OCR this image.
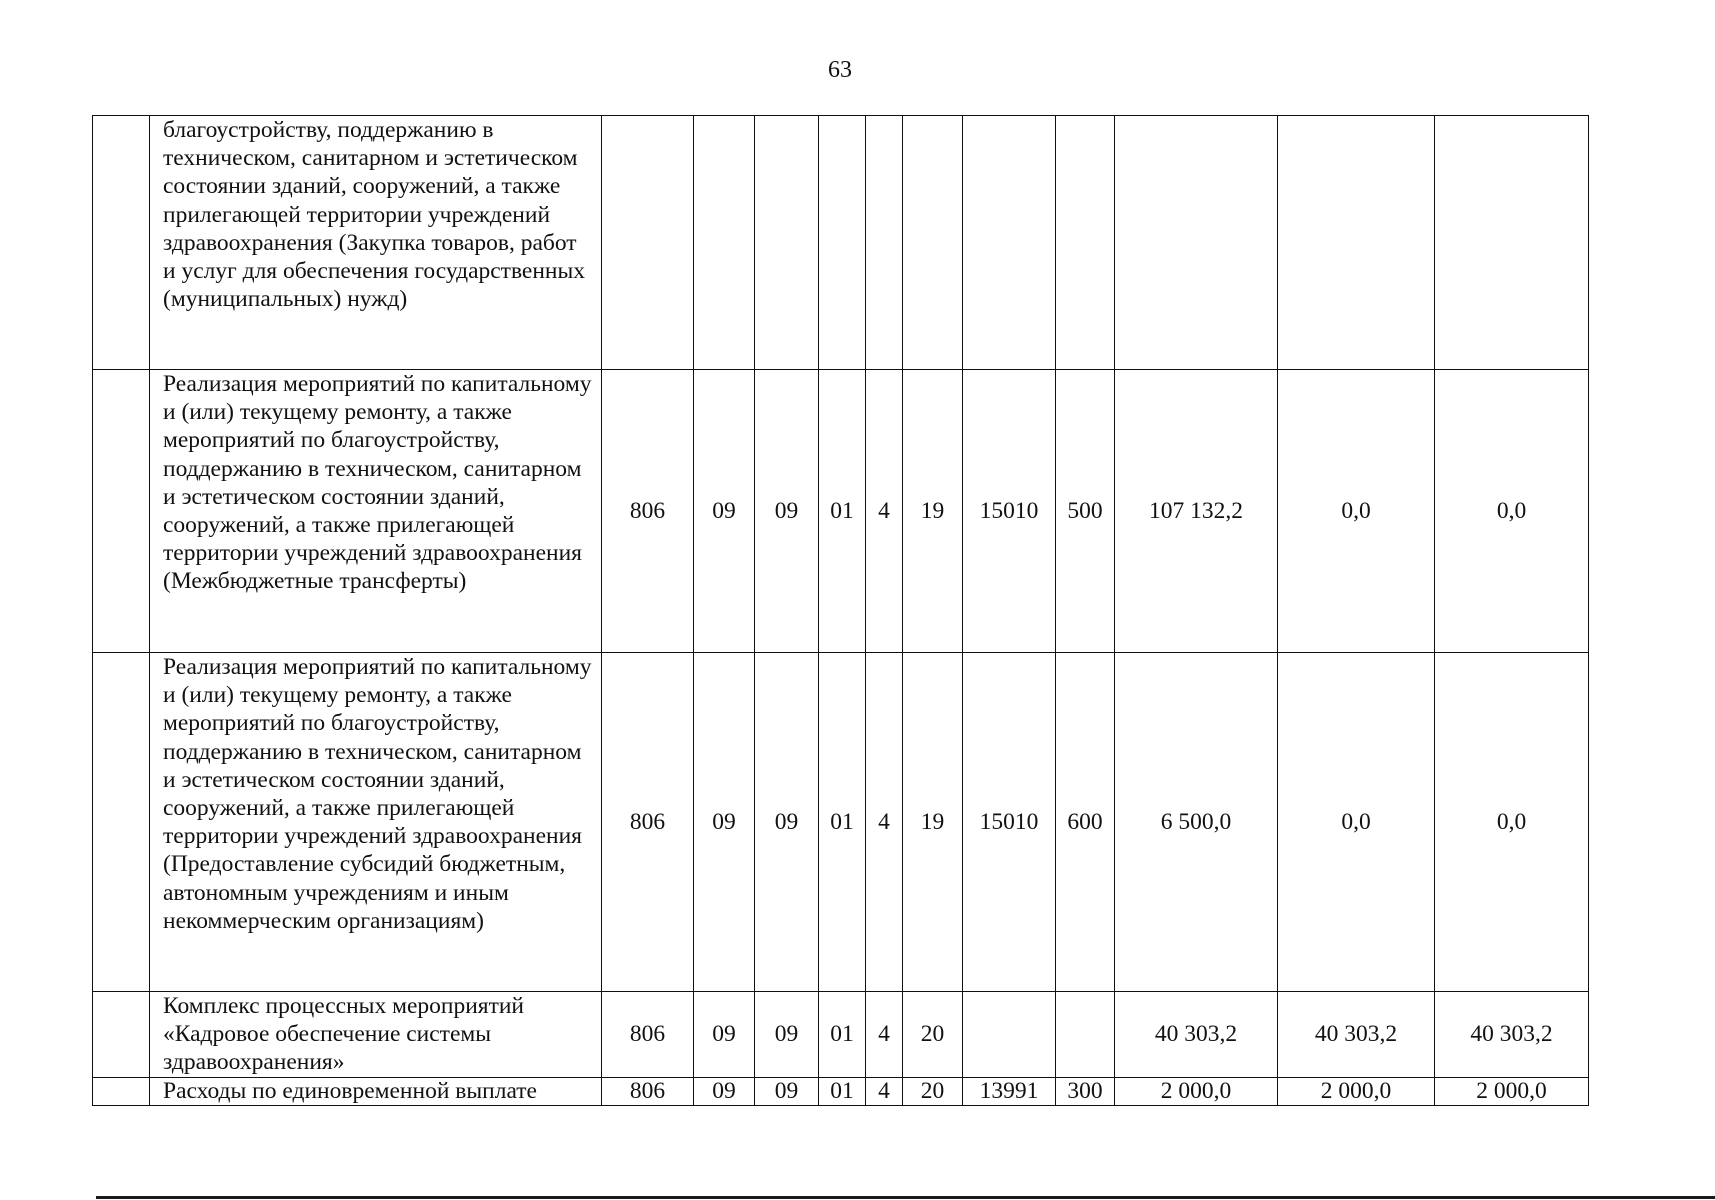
63
	благоустройству, поддержанию в техническом, санитарном и эстетическом состоянии зданий, сооружений, а также прилегающей территории учреждений здравоохранения (Закупка товаров, работ и услуг для обеспечения государственных (муниципальных) нужд)											
	Реализация мероприятий по капитальному и (или) текущему ремонту, а также мероприятий по благоустройству, поддержанию в техническом, санитарном и эстетическом состоянии зданий, сооружений, а также прилегающей территории учреждений здравоохранения (Межбюджетные трансферты)	806	09	09	01	4	19	15010	500	107 132,2	0,0	0,0
	Реализация мероприятий по капитальному и (или) текущему ремонту, а также мероприятий по благоустройству, поддержанию в техническом, санитарном и эстетическом состоянии зданий, сооружений, а также прилегающей территории учреждений здравоохранения (Предоставление субсидий бюджетным, автономным учреждениям и иным некоммерческим организациям)	806	09	09	01	4	19	15010	600	6 500,0	0,0	0,0
	Комплекс процессных мероприятий «Кадровое обеспечение системы здравоохранения»	806	09	09	01	4	20			40 303,2	40 303,2	40 303,2
	Расходы по единовременной выплате	806	09	09	01	4	20	13991	300	2 000,0	2 000,0	2 000,0
